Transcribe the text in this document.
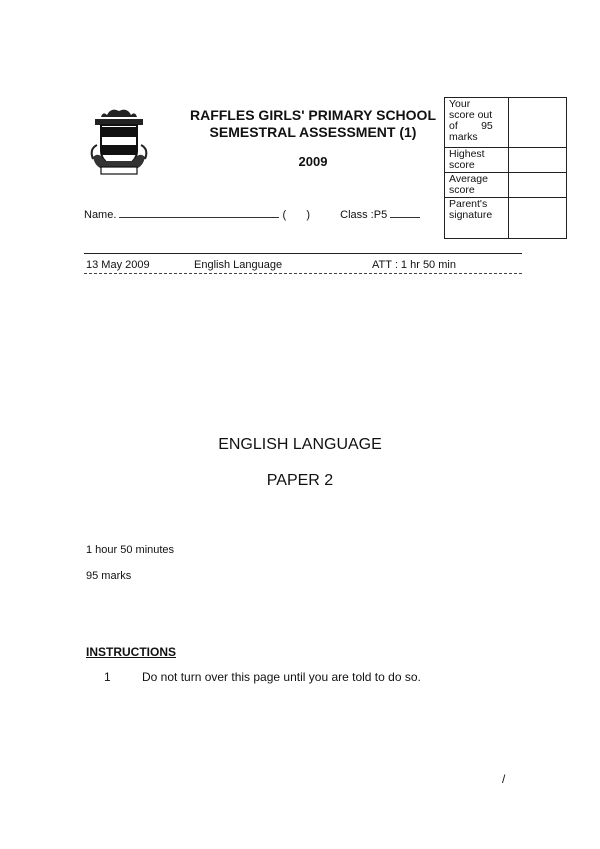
RAFFLES GIRLS' PRIMARY SCHOOL
SEMESTRAL ASSESSMENT (1)
2009
Name.	( )	Class :P5
Your
score out
of        95
marks	

Highest
score	

Average
score	

Parent's
signature	

13 May 2009	English Language	ATT : 1 hr 50 min
ENGLISH LANGUAGE
PAPER 2
1 hour 50 minutes
95 marks
INSTRUCTIONS
1	Do not turn over this page until you are told to do so.
/
